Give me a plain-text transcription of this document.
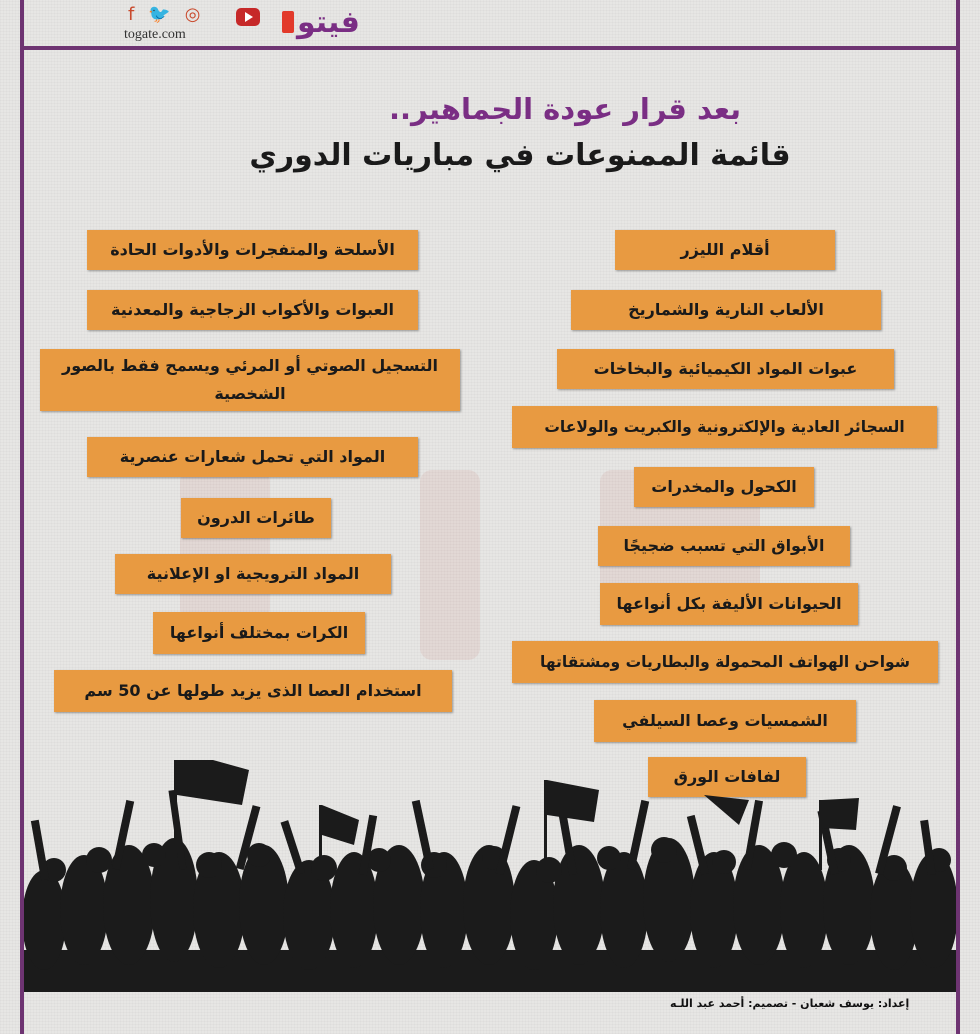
f 🐦 ◎
togate.com	فيتو
بعد قرار عودة الجماهير..
قائمة الممنوعات في مباريات الدوري
أقلام الليزر
الألعاب النارية والشماريخ
عبوات المواد الكيميائية والبخاخات
السجائر العادية والإلكترونية والكبريت والولاعات
الكحول والمخدرات
الأبواق التي تسبب ضجيجًا
الحيوانات الأليفة بكل أنواعها
شواحن الهواتف المحمولة والبطاريات ومشتقاتها
الشمسيات وعصا السيلفي
لفافات الورق
الأسلحة والمتفجرات والأدوات الحادة
العبوات والأكواب الزجاجية والمعدنية
التسجيل الصوتي أو المرئي ويسمح فقط بالصور الشخصية
المواد التي تحمل شعارات عنصرية
طائرات الدرون
المواد الترويجية او الإعلانية
الكرات بمختلف أنواعها
استخدام العصا الذى يزيد طولها عن 50 سم
إعداد: يوسف شعبان - تصميم: أحمد عبد اللـه
